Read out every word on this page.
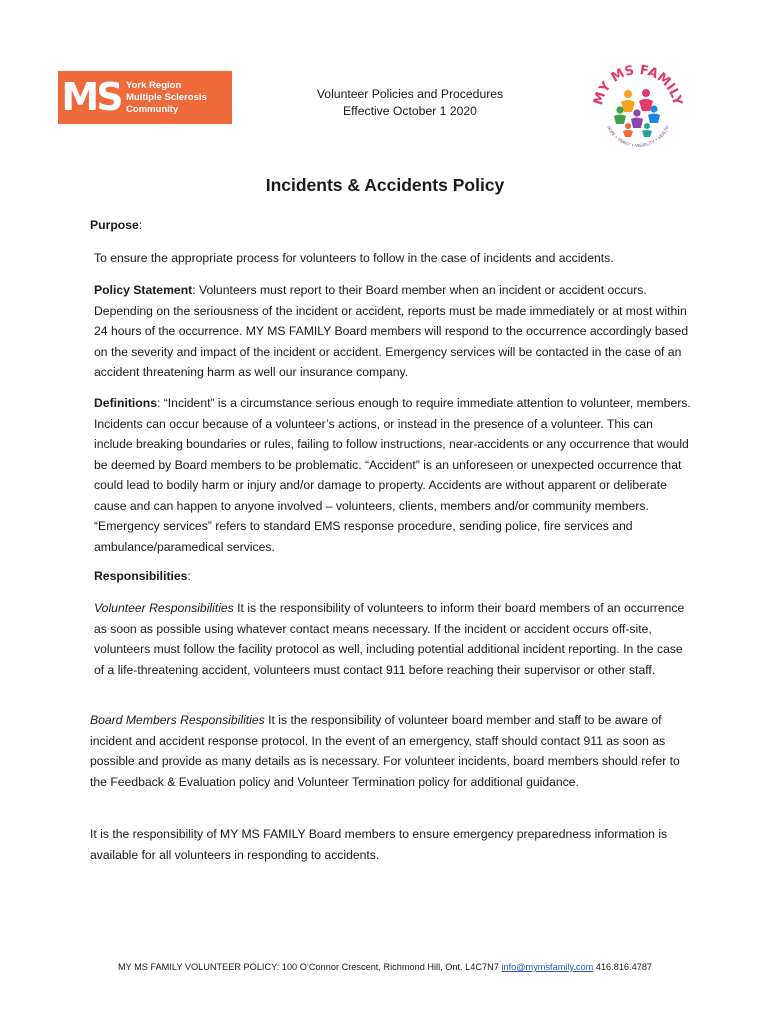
MS York Region
Multiple Sclerosis
Community
Volunteer Policies and Procedures
Effective October 1 2020
MY MS FAMILY
HOPE • FAMILY • VISIBILITY • HEALTH
Incidents & Accidents Policy

Purpose:

To ensure the appropriate process for volunteers to follow in the case of incidents and accidents.

Policy Statement: Volunteers must report to their Board member when an incident or accident occurs. Depending on the seriousness of the incident or accident, reports must be made immediately or at most within 24 hours of the occurrence. MY MS FAMILY Board members will respond to the occurrence accordingly based on the severity and impact of the incident or accident. Emergency services will be contacted in the case of an accident threatening harm as well our insurance company.

Definitions: “Incident” is a circumstance serious enough to require immediate attention to volunteer, members. Incidents can occur because of a volunteer’s actions, or instead in the presence of a volunteer. This can include breaking boundaries or rules, failing to follow instructions, near-accidents or any occurrence that would be deemed by Board members to be problematic. “Accident” is an unforeseen or unexpected occurrence that could lead to bodily harm or injury and/or damage to property. Accidents are without apparent or deliberate cause and can happen to anyone involved – volunteers, clients, members and/or community members. “Emergency services” refers to standard EMS response procedure, sending police, fire services and ambulance/paramedical services.

Responsibilities:

Volunteer Responsibilities It is the responsibility of volunteers to inform their board members of an occurrence as soon as possible using whatever contact means necessary. If the incident or accident occurs off-site, volunteers must follow the facility protocol as well, including potential additional incident reporting. In the case of a life-threatening accident, volunteers must contact 911 before reaching their supervisor or other staff.

Board Members Responsibilities It is the responsibility of volunteer board member and staff to be aware of incident and accident response protocol. In the event of an emergency, staff should contact 911 as soon as possible and provide as many details as is necessary. For volunteer incidents, board members should refer to the Feedback & Evaluation policy and Volunteer Termination policy for additional guidance.

It is the responsibility of MY MS FAMILY Board members to ensure emergency preparedness information is available for all volunteers in responding to accidents.

MY MS FAMILY VOLUNTEER POLICY: 100 O’Connor Crescent, Richmond Hill, Ont. L4C7N7 info@mymsfamily.com 416.816.4787
